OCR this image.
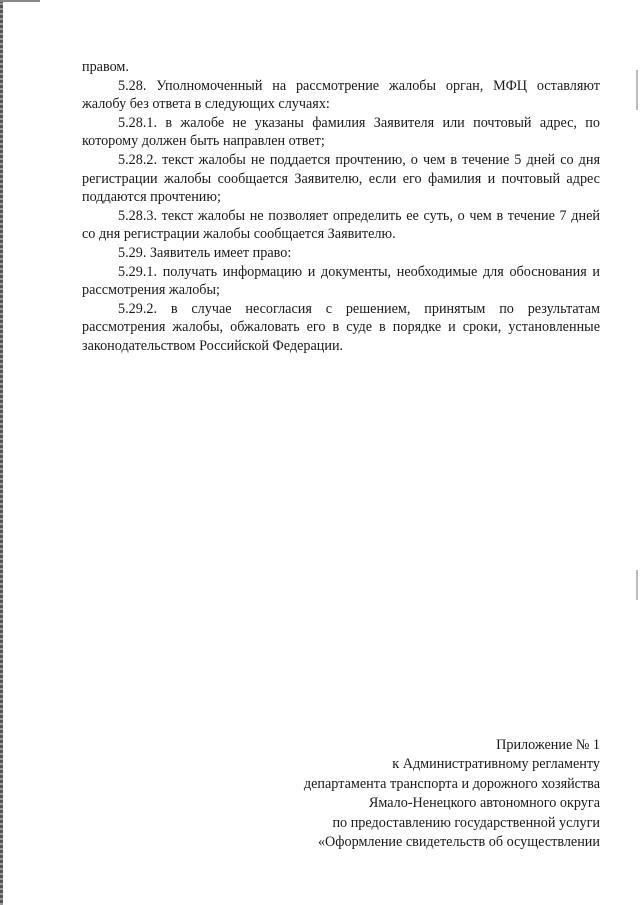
правом.

5.28. Уполномоченный на рассмотрение жалобы орган, МФЦ оставляют жалобу без ответа в следующих случаях:

5.28.1. в жалобе не указаны фамилия Заявителя или почтовый адрес, по которому должен быть направлен ответ;

5.28.2. текст жалобы не поддается прочтению, о чем в течение 5 дней со дня регистрации жалобы сообщается Заявителю, если его фамилия и почтовый адрес поддаются прочтению;

5.28.3. текст жалобы не позволяет определить ее суть, о чем в течение 7 дней со дня регистрации жалобы сообщается Заявителю.

5.29. Заявитель имеет право:

5.29.1. получать информацию и документы, необходимые для обоснования и рассмотрения жалобы;

5.29.2. в случае несогласия с решением, принятым по результатам рассмотрения жалобы, обжаловать его в суде в порядке и сроки, установленные законодательством Российской Федерации.

Приложение № 1
к Административному регламенту
департамента транспорта и дорожного хозяйства
Ямало-Ненецкого автономного округа
по предоставлению государственной услуги
«Оформление свидетельств об осуществлении
